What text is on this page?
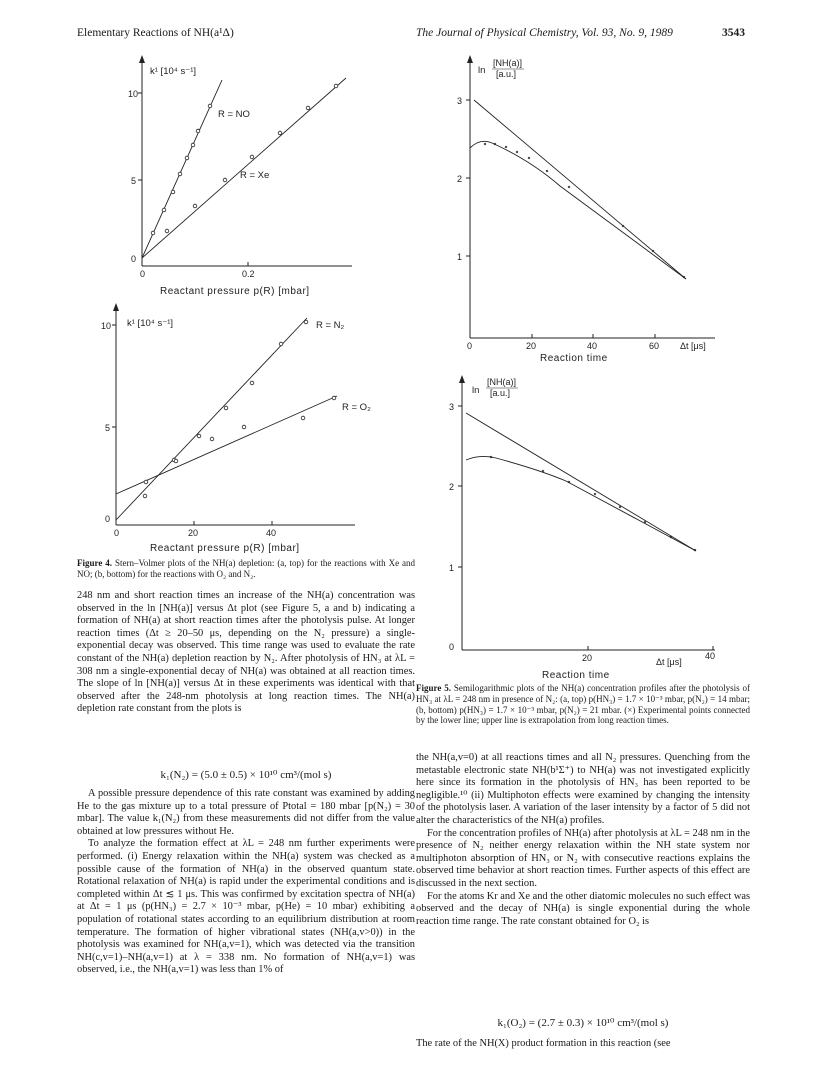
Elementary Reactions of NH(a¹Δ)	The Journal of Physical Chemistry, Vol. 93, No. 9, 1989	3543
10
5
0
0	0.2
k¹ [10⁴ s⁻¹]
Reactant pressure p(R) [mbar]
R = NO
R = Xe
10
5
0
0	20	40
k¹ [10⁴ s⁻¹]
Reactant pressure p(R) [mbar]
R = N₂
R = O₂
Figure 4. Stern–Volmer plots of the NH(a) depletion: (a, top) for the reactions with Xe and NO; (b, bottom) for the reactions with O₂ and N₂.
3
2
1
0	20	40	60 Δt [μs]
Reaction time
ln
[NH(a)]
[a.u.]
3
2
1
0
20	40
Δt [μs]
Reaction time
ln
[NH(a)]
[a.u.]
Figure 5. Semilogarithmic plots of the NH(a) concentration profiles after the photolysis of HN₃ at λL = 248 nm in presence of N₂: (a, top) p(HN₃) = 1.7 × 10⁻³ mbar, p(N₂) = 14 mbar; (b, bottom) p(HN₃) = 1.7 × 10⁻³ mbar, p(N₂) = 21 mbar. (×) Experimental points connected by the lower line; upper line is extrapolation from long reaction times.

248 nm and short reaction times an increase of the NH(a) concentration was observed in the ln [NH(a)] versus Δt plot (see Figure 5, a and b) indicating a formation of NH(a) at short reaction times after the photolysis pulse. At longer reaction times (Δt ≥ 20–50 μs, depending on the N₂ pressure) a single-exponential decay was observed. This time range was used to evaluate the rate constant of the NH(a) depletion reaction by N₂. After photolysis of HN₃ at λL = 308 nm a single-exponential decay of NH(a) was obtained at all reaction times. The slope of ln [NH(a)] versus Δt in these experiments was identical with that observed after the 248-nm photolysis at long reaction times. The NH(a) depletion rate constant from the plots is

k₁(N₂) = (5.0 ± 0.5) × 10¹⁰ cm³/(mol s)

A possible pressure dependence of this rate constant was examined by adding He to the gas mixture up to a total pressure of Ptotal = 180 mbar [p(N₂) = 30 mbar]. The value k₁(N₂) from these measurements did not differ from the value obtained at low pressures without He.

To analyze the formation effect at λL = 248 nm further experiments were performed. (i) Energy relaxation within the NH(a) system was checked as a possible cause of the formation of NH(a) in the observed quantum state. Rotational relaxation of NH(a) is rapid under the experimental conditions and is completed within Δt ≲ 1 μs. This was confirmed by excitation spectra of NH(a) at Δt = 1 μs (p(HN₃) = 2.7 × 10⁻³ mbar, p(He) = 10 mbar) exhibiting a population of rotational states according to an equilibrium distribution at room temperature. The formation of higher vibrational states (NH(a,v>0)) in the photolysis was examined for NH(a,v=1), which was detected via the transition NH(c,v=1)–NH(a,v=1) at λ = 338 nm. No formation of NH(a,v=1) was observed, i.e., the NH(a,v=1) was less than 1% of

the NH(a,v=0) at all reactions times and all N₂ pressures. Quenching from the metastable electronic state NH(b¹Σ⁺) to NH(a) was not investigated explicitly here since its formation in the photolysis of HN₃ has been reported to be negligible.¹⁰ (ii) Multiphoton effects were examined by changing the intensity of the photolysis laser. A variation of the laser intensity by a factor of 5 did not alter the characteristics of the NH(a) profiles.

For the concentration profiles of NH(a) after photolysis at λL = 248 nm in the presence of N₂ neither energy relaxation within the NH state system nor multiphoton absorption of HN₃ or N₂ with consecutive reactions explains the observed time behavior at short reaction times. Further aspects of this effect are discussed in the next section.

For the atoms Kr and Xe and the other diatomic molecules no such effect was observed and the decay of NH(a) is single exponential during the whole reaction time range. The rate constant obtained for O₂ is

k₁(O₂) = (2.7 ± 0.3) × 10¹⁰ cm³/(mol s)

The rate of the NH(X) product formation in this reaction (see
